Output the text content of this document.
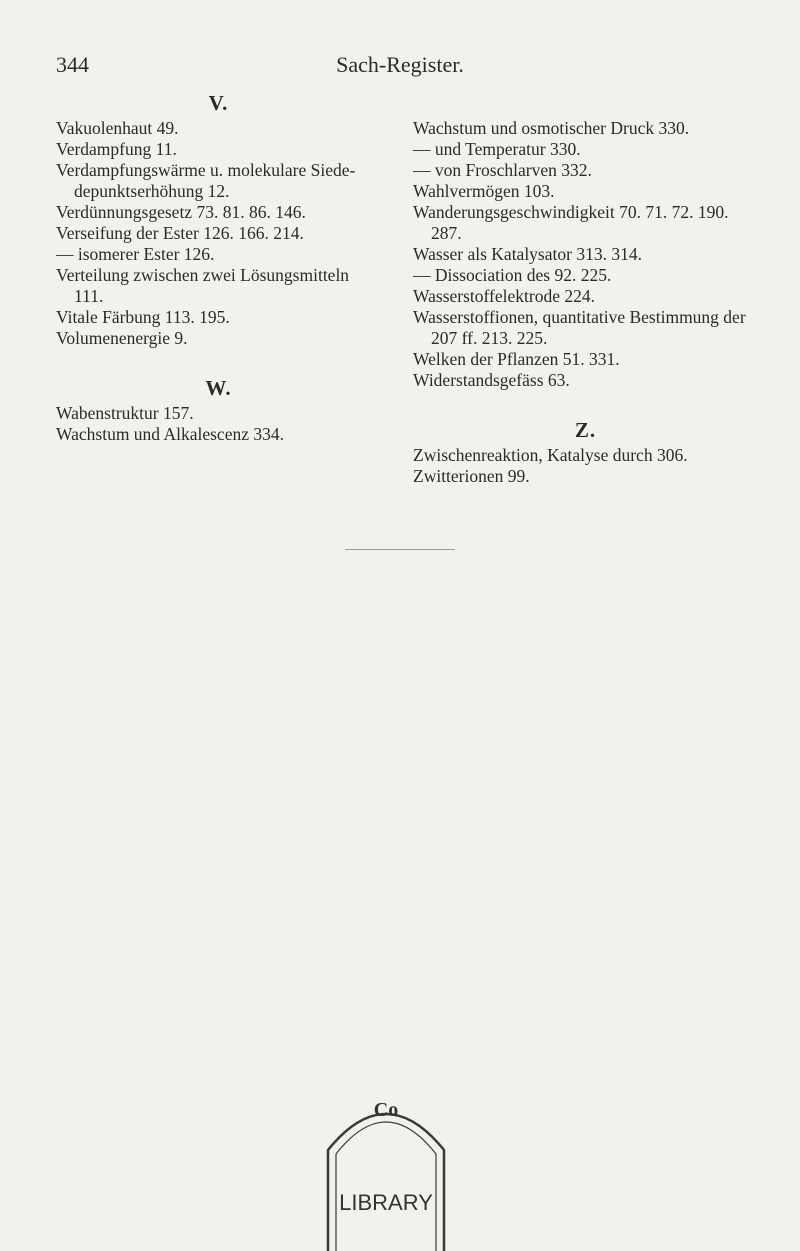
344	Sach-Register.
V.
Vakuolenhaut 49.
Verdampfung 11.
Verdampfungswärme u. molekulare Siede-depunktserhöhung 12.
Verdünnungsgesetz 73. 81. 86. 146.
Verseifung der Ester 126. 166. 214.
— isomerer Ester 126.
Verteilung zwischen zwei Lösungsmitteln 111.
Vitale Färbung 113. 195.
Volumenenergie 9.
W.
Wabenstruktur 157.
Wachstum und Alkalescenz 334.
Wachstum und osmotischer Druck 330.
— und Temperatur 330.
— von Froschlarven 332.
Wahlvermögen 103.
Wanderungsgeschwindigkeit 70. 71. 72. 190. 287.
Wasser als Katalysator 313. 314.
— Dissociation des 92. 225.
Wasserstoffelektrode 224.
Wasserstoffionen, quantitative Bestimmung der 207 ff. 213. 225.
Welken der Pflanzen 51. 331.
Widerstandsgefäss 63.
Z.
Zwischenreaktion, Katalyse durch 306.
Zwitterionen 99.
Co
LIBRARY
